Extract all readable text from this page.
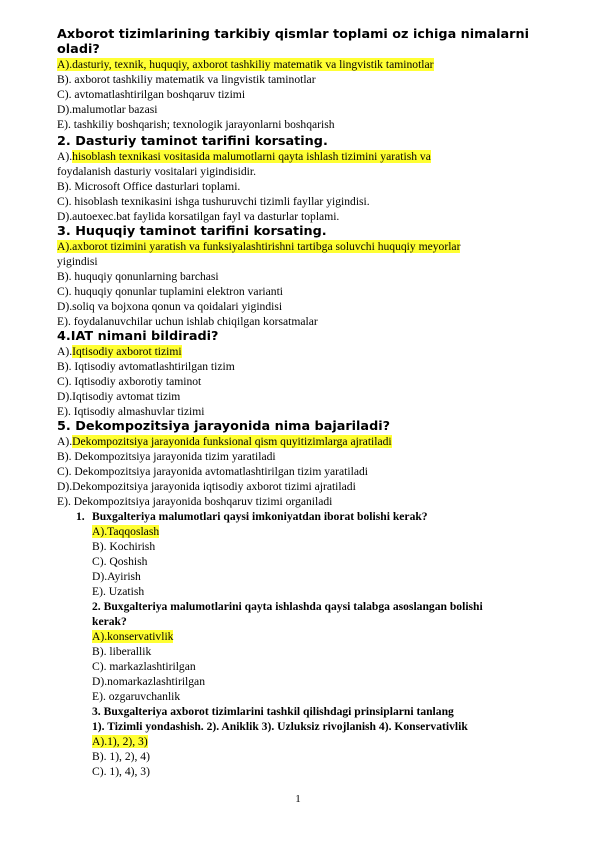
Axborot tizimlarining tarkibiy qismlar toplami oz ichiga nimalarni
oladi?
A).dasturiy, texnik, huquqiy, axborot tashkiliy matematik va lingvistik taminotlar
B). axborot tashkiliy matematik va lingvistik taminotlar
C). avtomatlashtirilgan boshqaruv tizimi
D).malumotlar bazasi
E). tashkiliy boshqarish; texnologik jarayonlarni boshqarish
2. Dasturiy taminot tarifini korsating.
A).hisoblash texnikasi vositasida malumotlarni qayta ishlash tizimini yaratish va
foydalanish dasturiy vositalari yigindisidir.
B). Microsoft Office dasturlari toplami.
C). hisoblash texnikasini ishga tushuruvchi tizimli fayllar yigindisi.
D).autoexec.bat faylida korsatilgan fayl va dasturlar toplami.
3. Huquqiy taminot tarifini korsating.
A).axborot tizimini yaratish va funksiyalashtirishni tartibga soluvchi huquqiy meyorlar
yigindisi
B). huquqiy qonunlarning barchasi
C). huquqiy qonunlar tuplamini elektron varianti
D).soliq va bojxona qonun va qoidalari yigindisi
E). foydalanuvchilar uchun ishlab chiqilgan korsatmalar
4.IAT nimani bildiradi?
A).Iqtisodiy axborot tizimi
B). Iqtisodiy avtomatlashtirilgan tizim
C). Iqtisodiy axborotiy taminot
D).Iqtisodiy avtomat tizim
E). Iqtisodiy almashuvlar tizimi
5. Dekompozitsiya jarayonida nima bajariladi?
A).Dekompozitsiya jarayonida funksional qism quyitizimlarga ajratiladi
B). Dekompozitsiya jarayonida tizim yaratiladi
C). Dekompozitsiya jarayonida avtomatlashtirilgan tizim yaratiladi
D).Dekompozitsiya jarayonida iqtisodiy axborot tizimi ajratiladi
E). Dekompozitsiya jarayonida boshqaruv tizimi organiladi
1. Buxgalteriya malumotlari qaysi imkoniyatdan iborat bolishi kerak?
A).Taqqoslash
B). Kochirish
C). Qoshish
D).Ayirish
E). Uzatish
2. Buxgalteriya malumotlarini qayta ishlashda qaysi talabga asoslangan bolishi
kerak?
A).konservativlik
B). liberallik
C). markazlashtirilgan
D).nomarkazlashtirilgan
E). ozgaruvchanlik
3. Buxgalteriya axborot tizimlarini tashkil qilishdagi prinsiplarni tanlang
1). Tizimli yondashish. 2). Aniklik 3). Uzluksiz rivojlanish 4). Konservativlik
A).1), 2), 3)
B). 1), 2), 4)
C). 1), 4), 3)
1
